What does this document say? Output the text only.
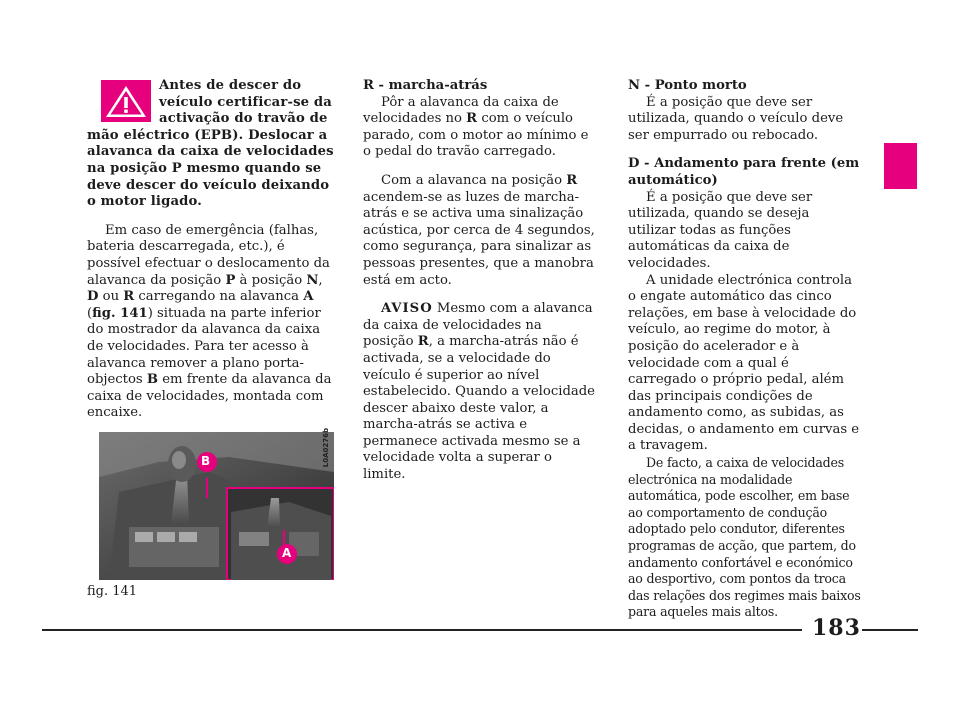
Antes de descer do veículo certificar-se da activação do travão de mão eléctrico (EPB). Deslocar a alavanca da caixa de velocidades na posição P mesmo quando se deve descer do veículo deixando o motor ligado.

Em caso de emergência (falhas, bateria descarregada, etc.), é possível efectuar o deslocamento da alavanca da posição P à posição N, D ou R carregando na alavanca A (fig. 141) situada na parte inferior do mostrador da alavanca da caixa de velocidades. Para ter acesso à alavanca remover a plano porta-objectos B em frente da alavanca da caixa de velocidades, montada com encaixe.

B
A
L0A0276b
fig. 141

R - marcha-atrás

Pôr a alavanca da caixa de velocidades no R com o veículo parado, com o motor ao mínimo e o pedal do travão carregado.

Com a alavanca na posição R acendem-se as luzes de marcha-atrás e se activa uma sinalização acústica, por cerca de 4 segundos, como segurança, para sinalizar as pessoas presentes, que a manobra está em acto.

AVISO Mesmo com a alavanca da caixa de velocidades na posição R, a marcha-atrás não é activada, se a velocidade do veículo é superior ao nível estabelecido. Quando a velocidade descer abaixo deste valor, a marcha-atrás se activa e permanece activada mesmo se a velocidade volta a superar o limite.

N - Ponto morto

É a posição que deve ser utilizada, quando o veículo deve ser empurrado ou rebocado.

D - Andamento para frente (em automático)

É a posição que deve ser utilizada, quando se deseja utilizar todas as funções automáticas da caixa de velocidades.

A unidade electrónica controla o engate automático das cinco relações, em base à velocidade do veículo, ao regime do motor, à posição do acelerador e à velocidade com a qual é carregado o próprio pedal, além das principais condições de andamento como, as subidas, as decidas, o andamento em curvas e a travagem.

De facto, a caixa de velocidades electrónica na modalidade automática, pode escolher, em base ao comportamento de condução adoptado pelo condutor, diferentes programas de acção, que partem, do andamento confortável e económico ao desportivo, com pontos da troca das relações dos regimes mais baixos para aqueles mais altos.

183
